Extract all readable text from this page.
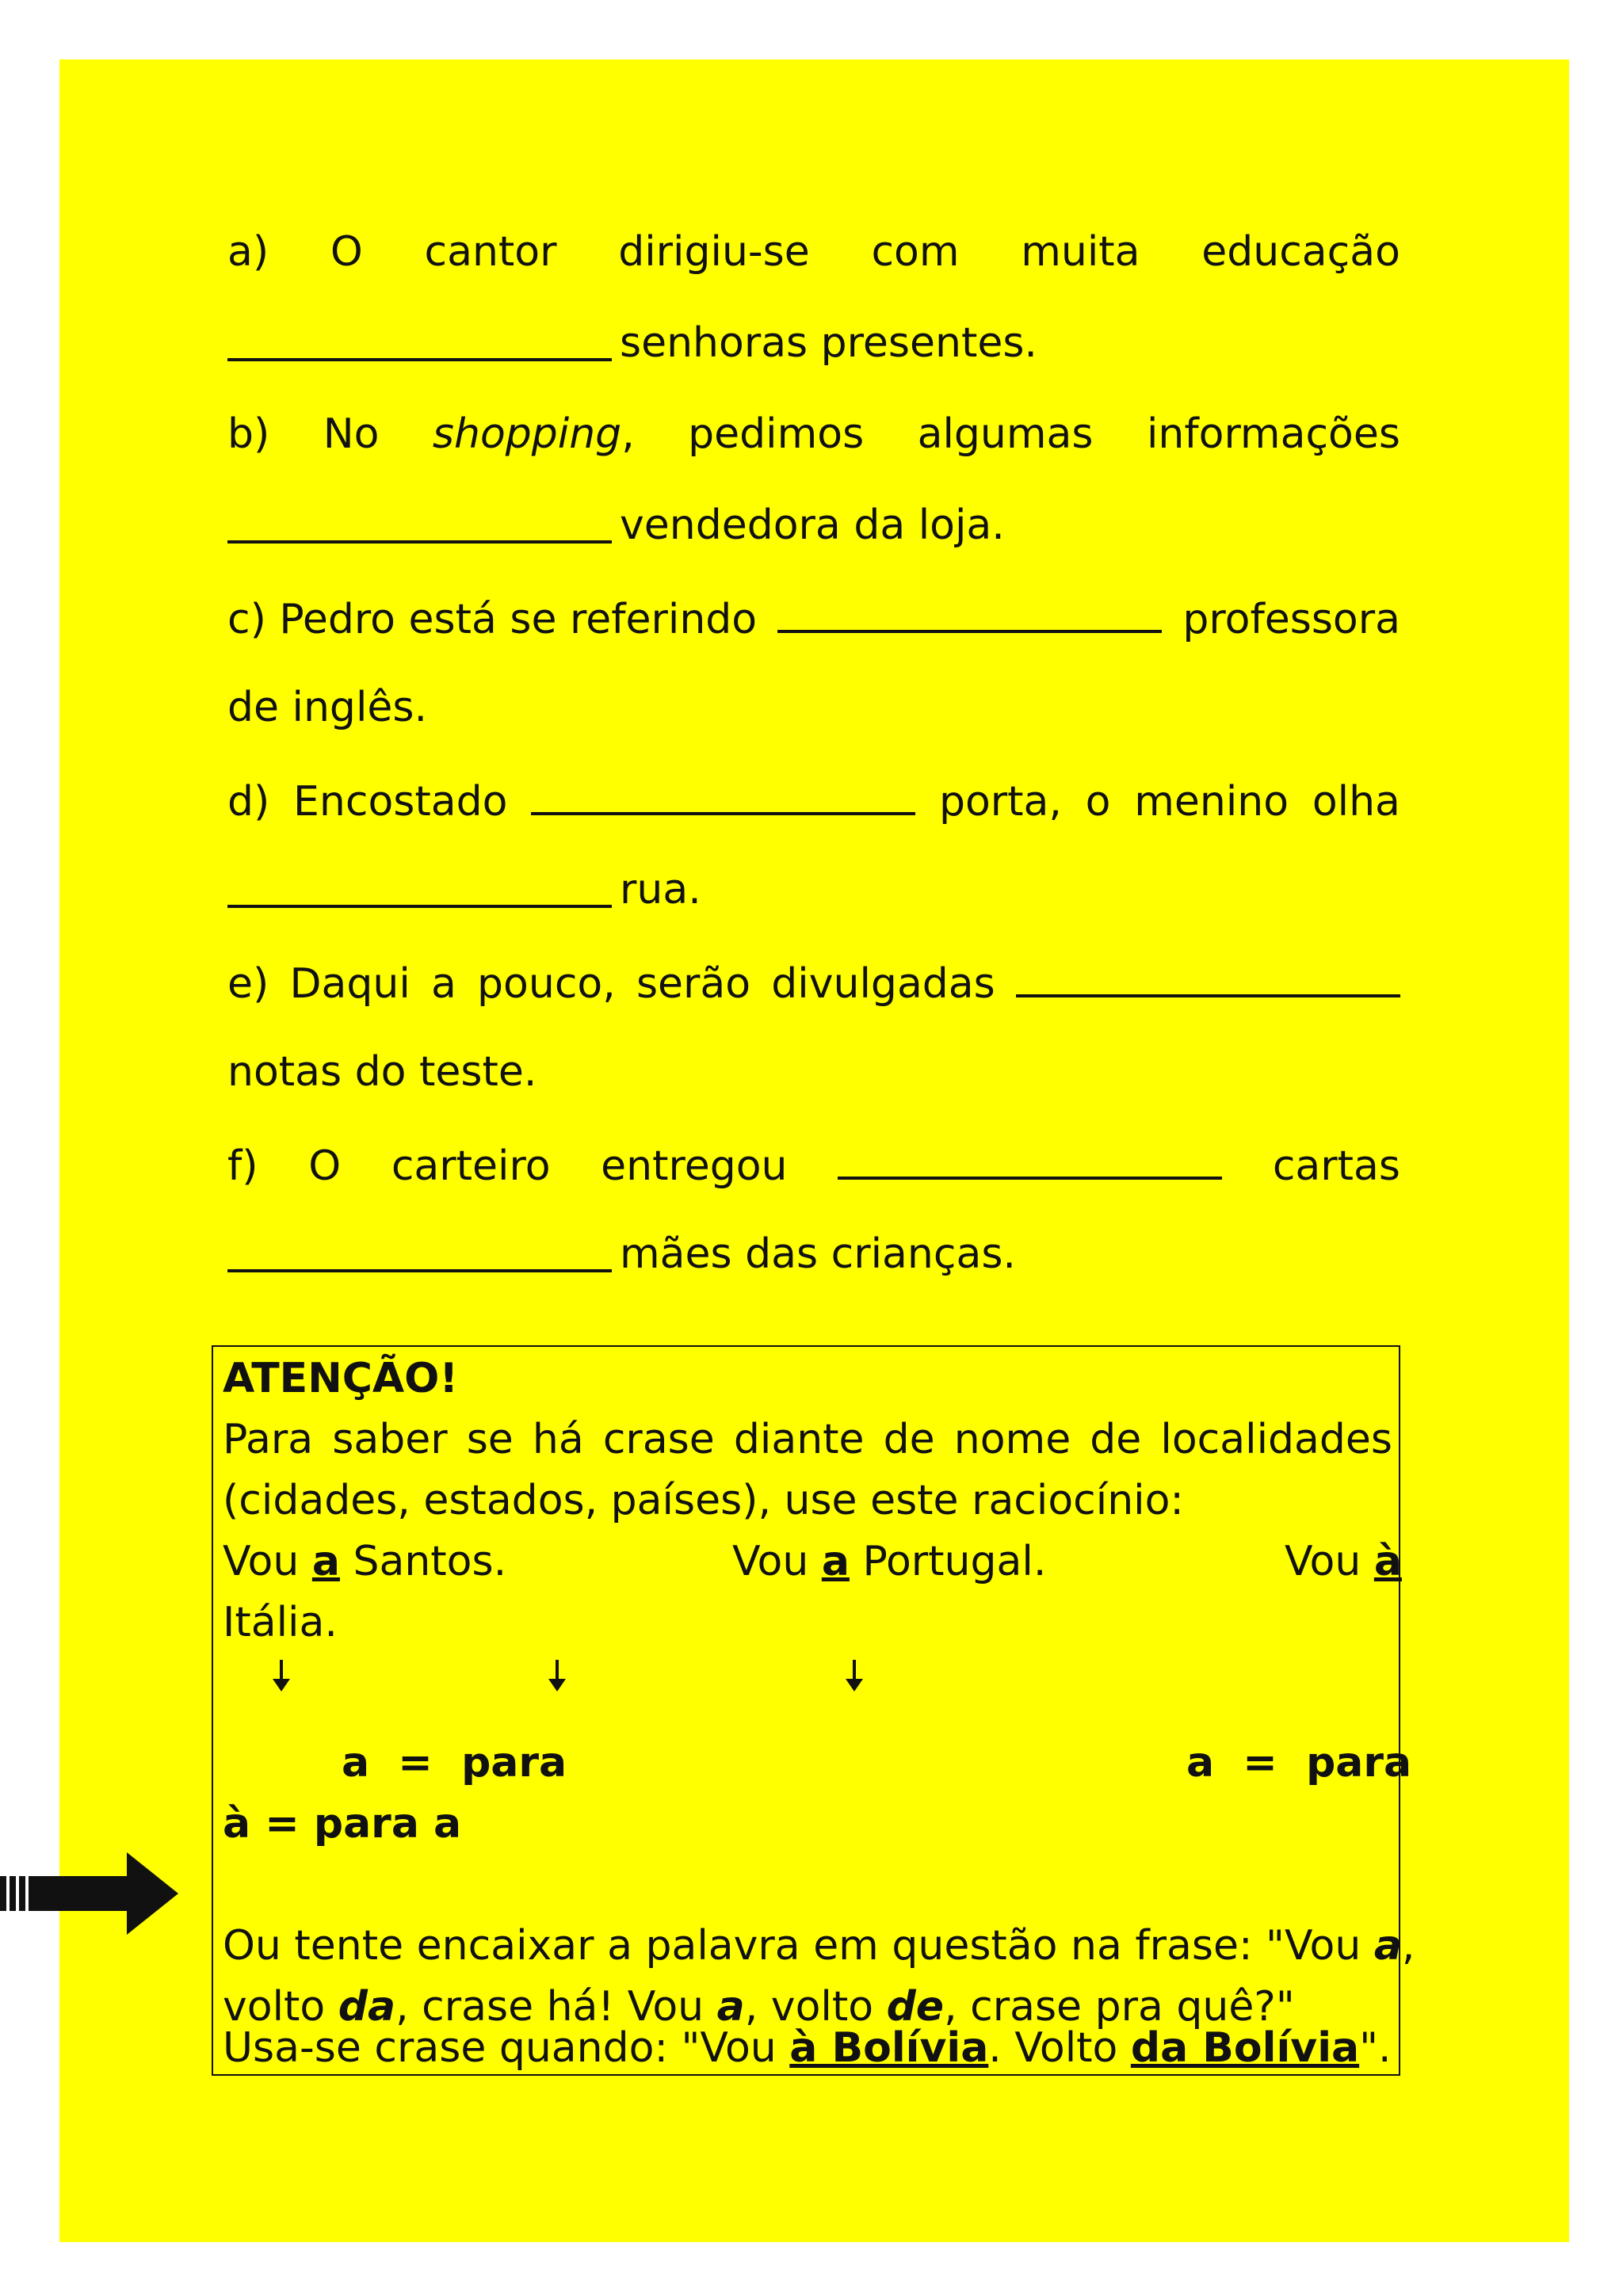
a) O cantor dirigiu-se com muita educação
senhoras presentes.
b) No shopping, pedimos algumas informações
vendedora da loja.
c) Pedro está se referindo	professora
de inglês.
d) Encostado	porta, o menino olha
rua.
e) Daqui a pouco, serão divulgadas
notas do teste.
f) O carteiro entregou	cartas
mães das crianças.
ATENÇÃO!
Para saber se há crase diante de nome de localidades
(cidades, estados, países), use este raciocínio:
Vou a Santos.	Vou a Portugal.	Vou à
Itália.
a  =  para	a  =  para
à = para a
Ou tente encaixar a palavra em questão na frase: "Vou a,
volto da, crase há! Vou a, volto de, crase pra quê?"
Usa-se crase quando: "Vou à Bolívia. Volto da Bolívia".
